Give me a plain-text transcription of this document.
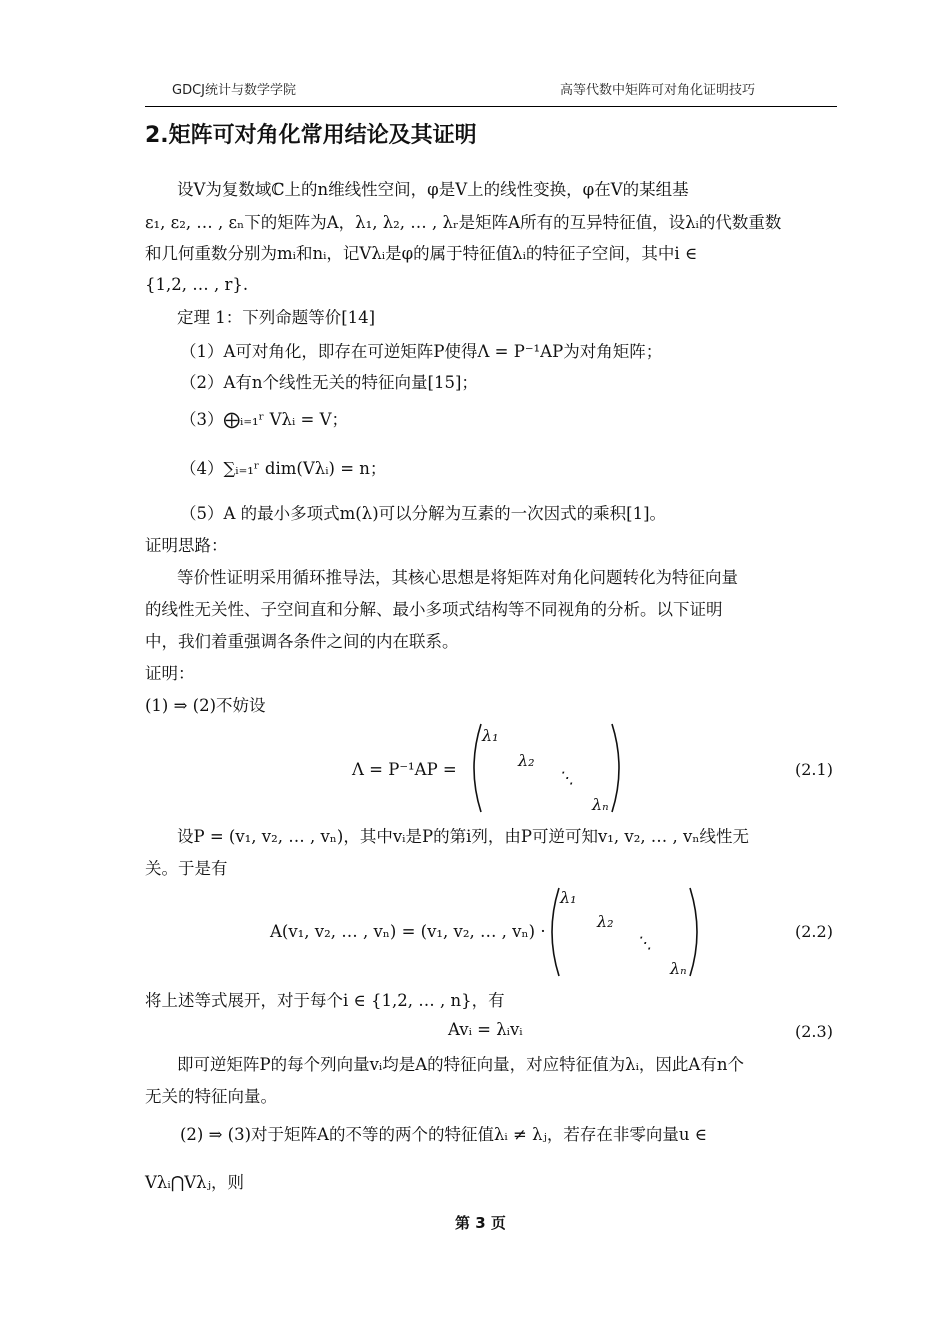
GDCJ统计与数学学院	高等代数中矩阵可对角化证明技巧
2.矩阵可对角化常用结论及其证明
设V为复数域ℂ上的n维线性空间，φ是V上的线性变换，φ在V的某组基
ε₁, ε₂, … , εₙ下的矩阵为A，λ₁, λ₂, … , λᵣ是矩阵A所有的互异特征值，设λᵢ的代数重数
和几何重数分别为mᵢ和nᵢ，记Vλᵢ是φ的属于特征值λᵢ的特征子空间，其中i ∈
{1,2, … , r}.
定理 1：下列命题等价[14]
（1）A可对角化，即存在可逆矩阵P使得Λ = P⁻¹AP为对角矩阵；
（2）A有n个线性无关的特征向量[15]；
（3）⨁ᵢ₌₁ʳ Vλᵢ = V；
（4）∑ᵢ₌₁ʳ dim(Vλᵢ) = n；
（5）A 的最小多项式m(λ)可以分解为互素的一次因式的乘积[1]。
证明思路：
等价性证明采用循环推导法，其核心思想是将矩阵对角化问题转化为特征向量
的线性无关性、子空间直和分解、最小多项式结构等不同视角的分析。以下证明
中，我们着重强调各条件之间的内在联系。
证明：
(1) ⇒ (2)不妨设
Λ = P⁻¹AP =
λ₁
λ₂
⋱
λₙ
(2.1)
设P = (v₁, v₂, … , vₙ)，其中vᵢ是P的第i列，由P可逆可知v₁, v₂, … , vₙ线性无
关。于是有
A(v₁, v₂, … , vₙ) = (v₁, v₂, … , vₙ) ·
λ₁
λ₂
⋱
λₙ
(2.2)
将上述等式展开，对于每个i ∈ {1,2, … , n}，有
Avᵢ = λᵢvᵢ	(2.3)
即可逆矩阵P的每个列向量vᵢ均是A的特征向量，对应特征值为λᵢ，因此A有n个
无关的特征向量。
(2) ⇒ (3)对于矩阵A的不等的两个的特征值λᵢ ≠ λⱼ，若存在非零向量u ∈
Vλᵢ⋂Vλⱼ，则
第 3 页
